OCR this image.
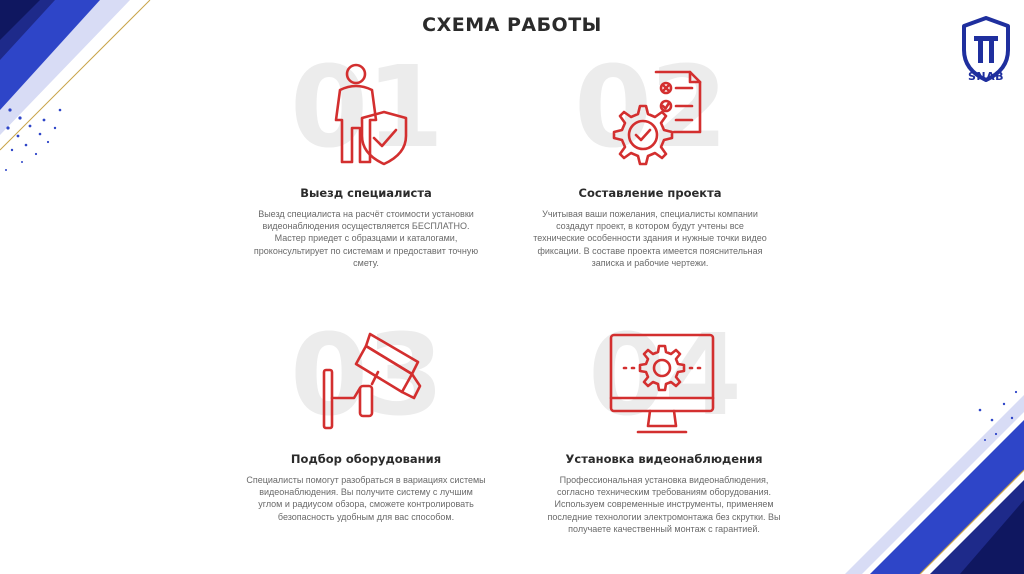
СХЕМА РАБОТЫ
SNAB
01
Выезд специалиста
Выезд специалиста на расчёт стоимости установки видеонаблюдения осуществляется БЕСПЛАТНО. Мастер приедет с образцами и каталогами, проконсультирует по системам и предоставит точную смету.
02
Составление проекта
Учитывая ваши пожелания, специалисты компании создадут проект, в котором будут учтены все технические особенности здания и нужные точки видео фиксации. В составе проекта имеется пояснительная записка и рабочие чертежи.
03
Подбор оборудования
Специалисты помогут разобраться в вариациях системы видеонаблюдения. Вы получите систему с лучшим углом и радиусом обзора, сможете контролировать безопасность удобным для вас способом.
04
Установка видеонаблюдения
Профессиональная установка видеонаблюдения, согласно техническим требованиям оборудования. Используем современные инструменты, применяем последние технологии электромонтажа без скрутки. Вы получаете качественный монтаж с гарантией.
